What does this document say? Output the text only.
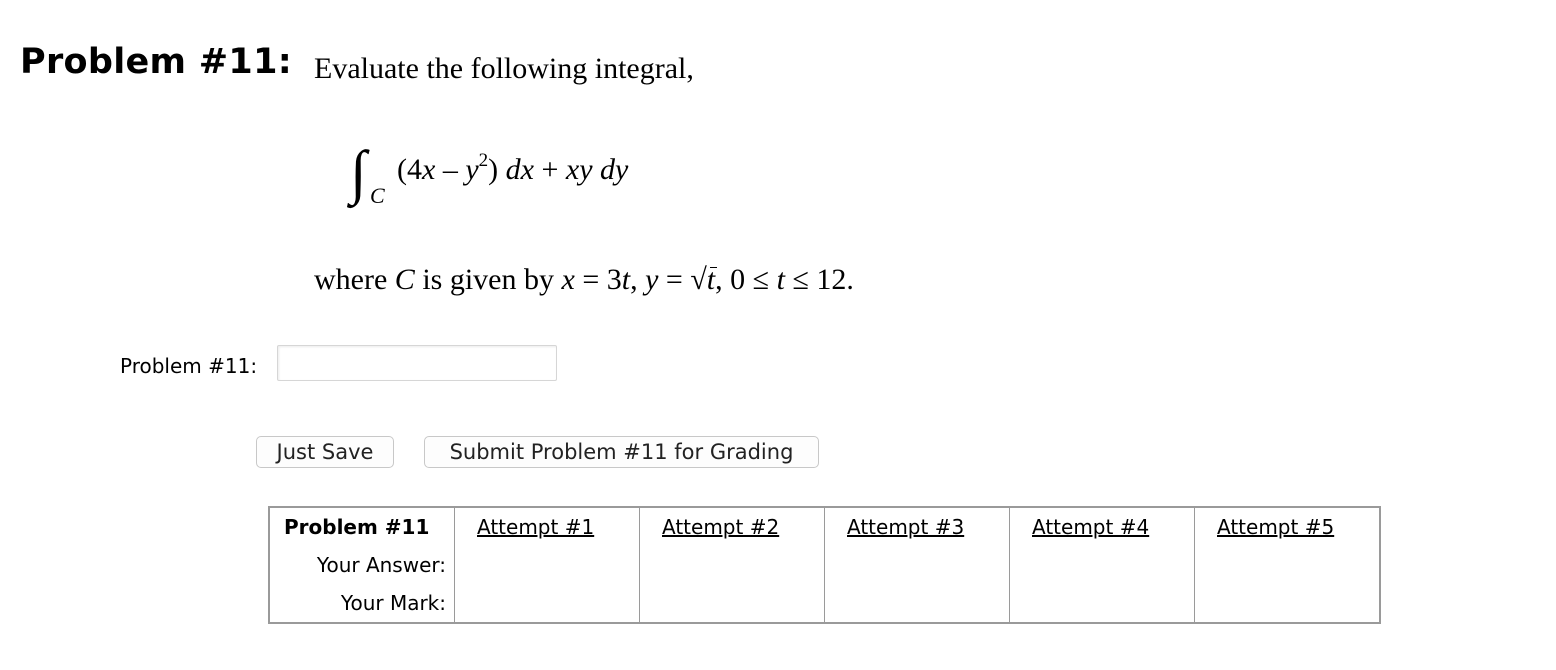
Problem #11: Evaluate the following integral,
∫ C
$(4x - y^2)$ dx + xy dy
where C is given by x = 3t, y = √t
, 0 ≤ t ≤ 12.
Problem #11:
Just Save	Submit Problem #11 for Grading
Problem #11	Attempt #1	Attempt #2	Attempt #3	Attempt #4	Attempt #5
Your Answer:					
Your Mark:					
